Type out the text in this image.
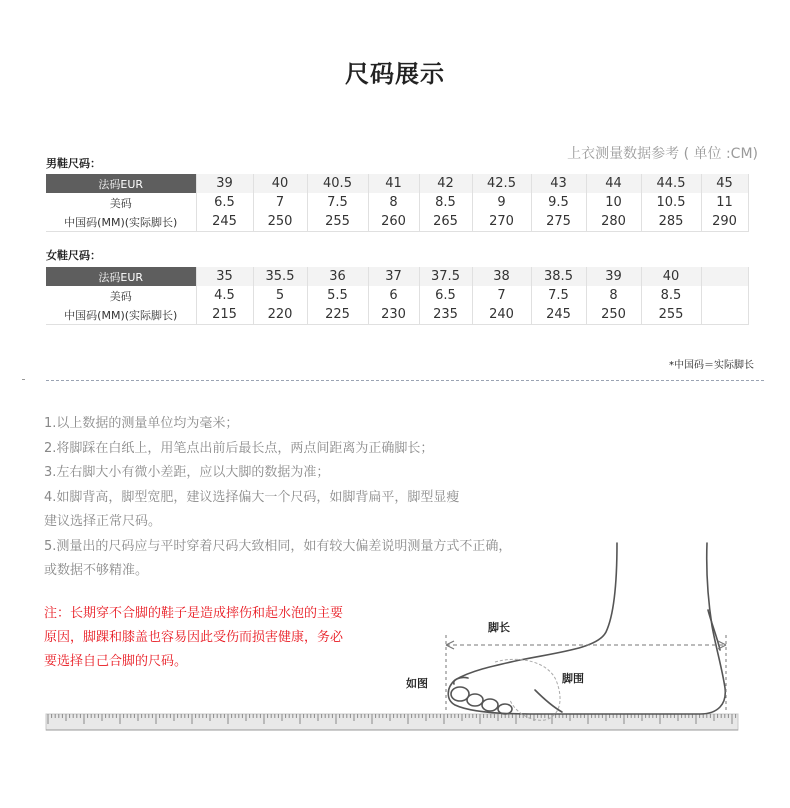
尺码展示
上衣测量数据参考 ( 单位 :CM)
男鞋尺码：
法码EUR	39	40	40.5	41	42	42.5	43	44	44.5	45
美码	6.5	7	7.5	8	8.5	9	9.5	10	10.5	11
中国码(MM)(实际脚长)	245	250	255	260	265	270	275	280	285	290
女鞋尺码：
法码EUR	35	35.5	36	37	37.5	38	38.5	39	40	
美码	4.5	5	5.5	6	6.5	7	7.5	8	8.5	
中国码(MM)(实际脚长)	215	220	225	230	235	240	245	250	255	
*中国码＝实际脚长
1.以上数据的测量单位均为毫米；
2.将脚踩在白纸上，用笔点出前后最长点，两点间距离为正确脚长；
3.左右脚大小有微小差距，应以大脚的数据为准；
4.如脚背高，脚型宽肥，建议选择偏大一个尺码，如脚背扁平，脚型显瘦
建议选择正常尺码。
5.测量出的尺码应与平时穿着尺码大致相同，如有较大偏差说明测量方式不正确，
或数据不够精准。
注：长期穿不合脚的鞋子是造成摔伤和起水泡的主要
原因，脚踝和膝盖也容易因此受伤而损害健康，务必
要选择自己合脚的尺码。
脚长
脚围
如图
